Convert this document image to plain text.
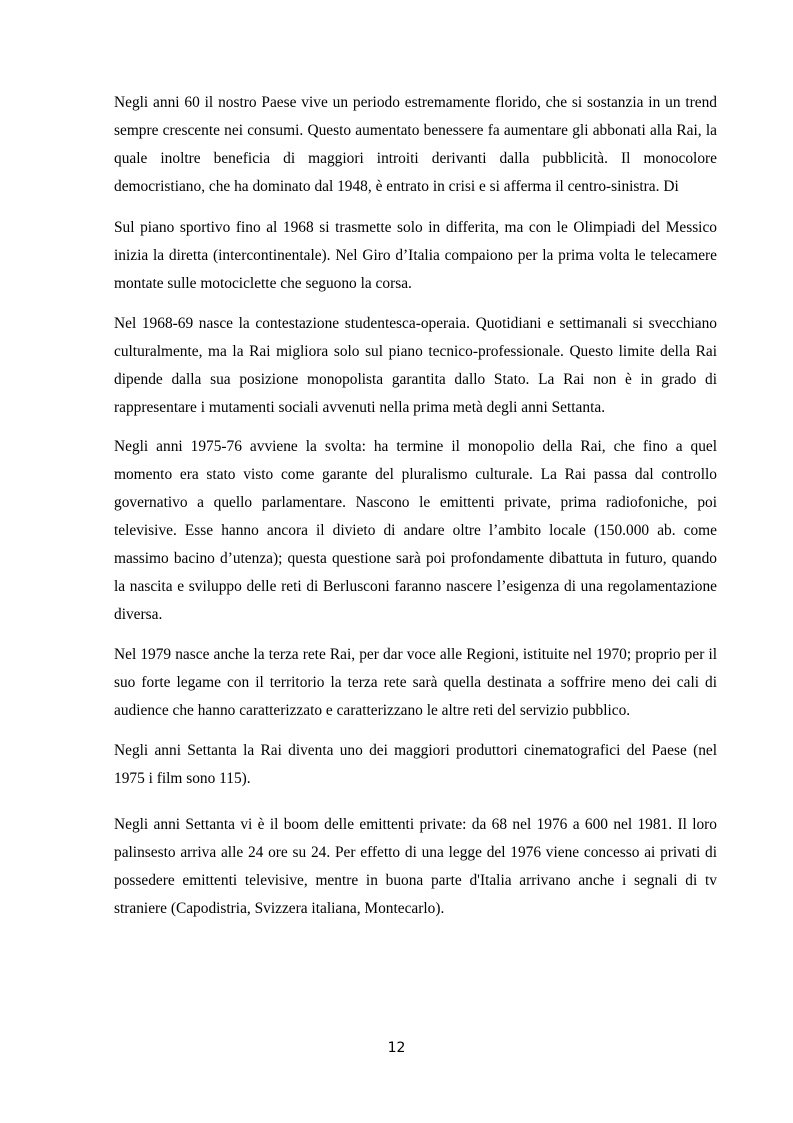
Negli anni 60 il nostro Paese vive un periodo estremamente florido, che si sostanzia in un trend sempre crescente nei consumi. Questo aumentato benessere fa aumentare gli abbonati alla Rai, la quale inoltre beneficia di maggiori introiti derivanti dalla pubblicità. Il monocolore democristiano, che ha dominato dal 1948, è entrato in crisi e si afferma il centro-sinistra. Di

Sul piano sportivo fino al 1968 si trasmette solo in differita, ma con le Olimpiadi del Messico inizia la diretta (intercontinentale). Nel Giro d’Italia compaiono per la prima volta le telecamere montate sulle motociclette che seguono la corsa.

Nel 1968-69 nasce la contestazione studentesca-operaia. Quotidiani e settimanali si svecchiano culturalmente, ma la Rai migliora solo sul piano tecnico-professionale. Questo limite della Rai dipende dalla sua posizione monopolista garantita dallo Stato. La Rai non è in grado di rappresentare i mutamenti sociali avvenuti nella prima metà degli anni Settanta.

Negli anni 1975-76 avviene la svolta: ha termine il monopolio della Rai, che fino a quel momento era stato visto come garante del pluralismo culturale. La Rai passa dal controllo governativo a quello parlamentare. Nascono le emittenti private, prima radiofoniche, poi televisive. Esse hanno ancora il divieto di andare oltre l’ambito locale (150.000 ab. come massimo bacino d’utenza); questa questione sarà poi profondamente dibattuta in futuro, quando la nascita e sviluppo delle reti di Berlusconi faranno nascere l’esigenza di una regolamentazione diversa.

Nel 1979 nasce anche la terza rete Rai, per dar voce alle Regioni, istituite nel 1970; proprio per il suo forte legame con il territorio la terza rete sarà quella destinata a soffrire meno dei cali di audience che hanno caratterizzato e caratterizzano le altre reti del servizio pubblico.

Negli anni Settanta la Rai diventa uno dei maggiori produttori cinematografici del Paese (nel 1975 i film sono 115).

Negli anni Settanta vi è il boom delle emittenti private: da 68 nel 1976 a 600 nel 1981. Il loro palinsesto arriva alle 24 ore su 24. Per effetto di una legge del 1976 viene concesso ai privati di possedere emittenti televisive, mentre in buona parte d'Italia arrivano anche i segnali di tv straniere (Capodistria, Svizzera italiana, Montecarlo).

12
